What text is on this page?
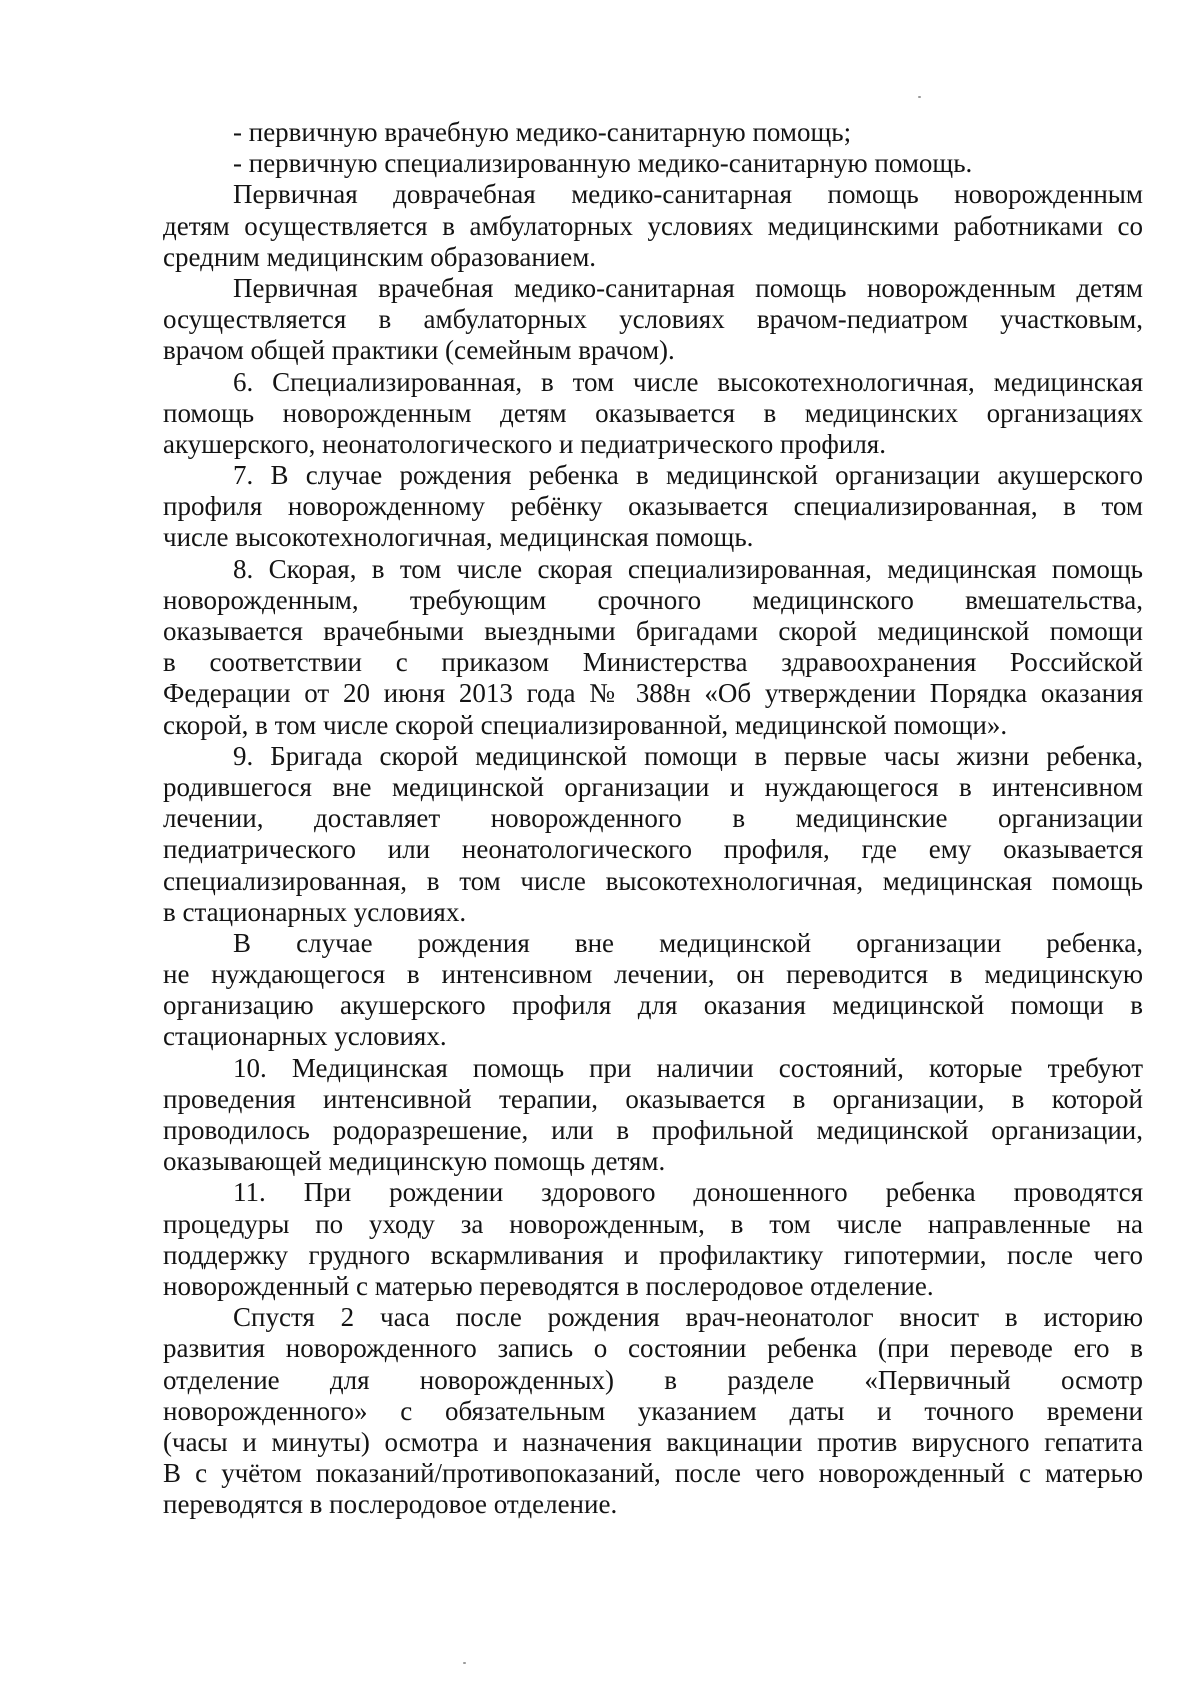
- первичную врачебную медико-санитарную помощь;
- первичную специализированную медико-санитарную помощь.
Первичная доврачебная медико-санитарная помощь новорожденным
детям осуществляется в амбулаторных условиях медицинскими работниками со
средним медицинским образованием.
Первичная врачебная медико-санитарная помощь новорожденным детям
осуществляется в амбулаторных условиях врачом-педиатром участковым,
врачом общей практики (семейным врачом).
6. Специализированная, в том числе высокотехнологичная, медицинская
помощь новорожденным детям оказывается в медицинских организациях
акушерского, неонатологического и педиатрического профиля.
7. В случае рождения ребенка в медицинской организации акушерского
профиля новорожденному ребёнку оказывается специализированная, в том
числе высокотехнологичная, медицинская помощь.
8. Скорая, в том числе скорая специализированная, медицинская помощь
новорожденным, требующим срочного медицинского вмешательства,
оказывается врачебными выездными бригадами скорой медицинской помощи
в соответствии с приказом Министерства здравоохранения Российской
Федерации от 20 июня 2013 года № 388н «Об утверждении Порядка оказания
скорой, в том числе скорой специализированной, медицинской помощи».
9. Бригада скорой медицинской помощи в первые часы жизни ребенка,
родившегося вне медицинской организации и нуждающегося в интенсивном
лечении, доставляет новорожденного в медицинские организации
педиатрического или неонатологического профиля, где ему оказывается
специализированная, в том числе высокотехнологичная, медицинская помощь
в стационарных условиях.
В случае рождения вне медицинской организации ребенка,
не нуждающегося в интенсивном лечении, он переводится в медицинскую
организацию акушерского профиля для оказания медицинской помощи в
стационарных условиях.
10. Медицинская помощь при наличии состояний, которые требуют
проведения интенсивной терапии, оказывается в организации, в которой
проводилось родоразрешение, или в профильной медицинской организации,
оказывающей медицинскую помощь детям.
11. При рождении здорового доношенного ребенка проводятся
процедуры по уходу за новорожденным, в том числе направленные на
поддержку грудного вскармливания и профилактику гипотермии, после чего
новорожденный с матерью переводятся в послеродовое отделение.
Спустя 2 часа после рождения врач-неонатолог вносит в историю
развития новорожденного запись о состоянии ребенка (при переводе его в
отделение для новорожденных) в разделе «Первичный осмотр
новорожденного» с обязательным указанием даты и точного времени
(часы и минуты) осмотра и назначения вакцинации против вирусного гепатита
В с учётом показаний/противопоказаний, после чего новорожденный с матерью
переводятся в послеродовое отделение.
